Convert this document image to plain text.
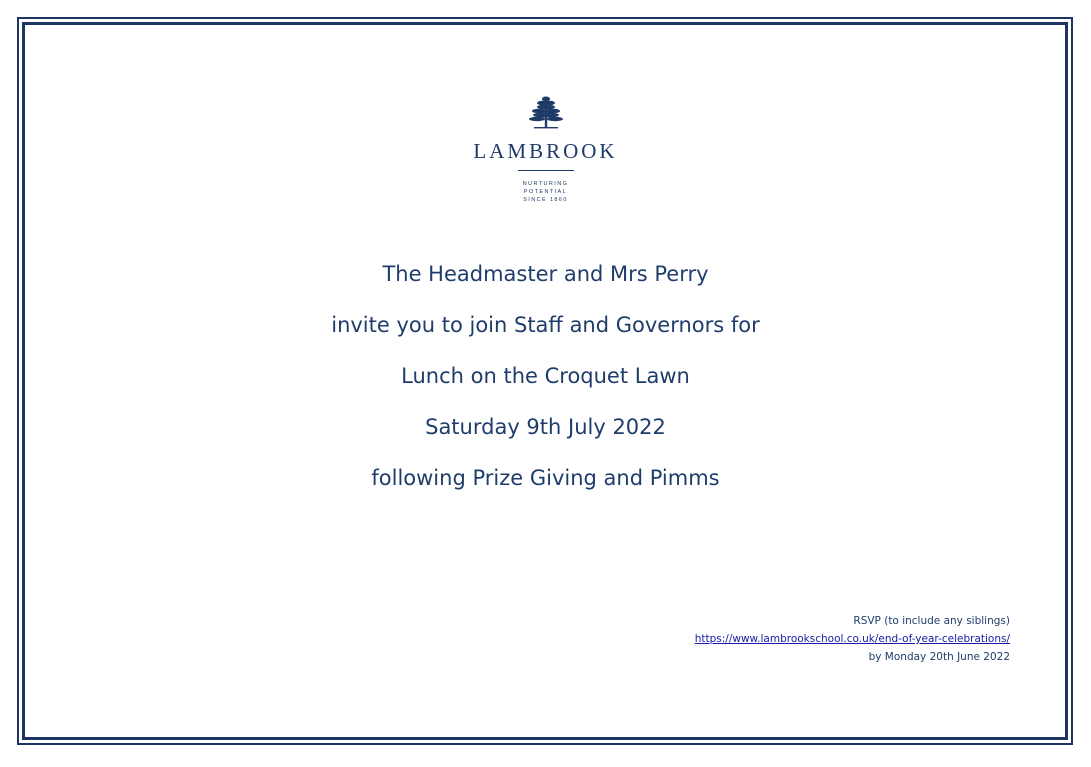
LAMBROOK
NURTURING
POTENTIAL
SINCE 1860
The Headmaster and Mrs Perry
invite you to join Staff and Governors for
Lunch on the Croquet Lawn
Saturday 9th July 2022
following Prize Giving and Pimms
RSVP (to include any siblings)
https://www.lambrookschool.co.uk/end-of-year-celebrations/
by Monday 20th June 2022
